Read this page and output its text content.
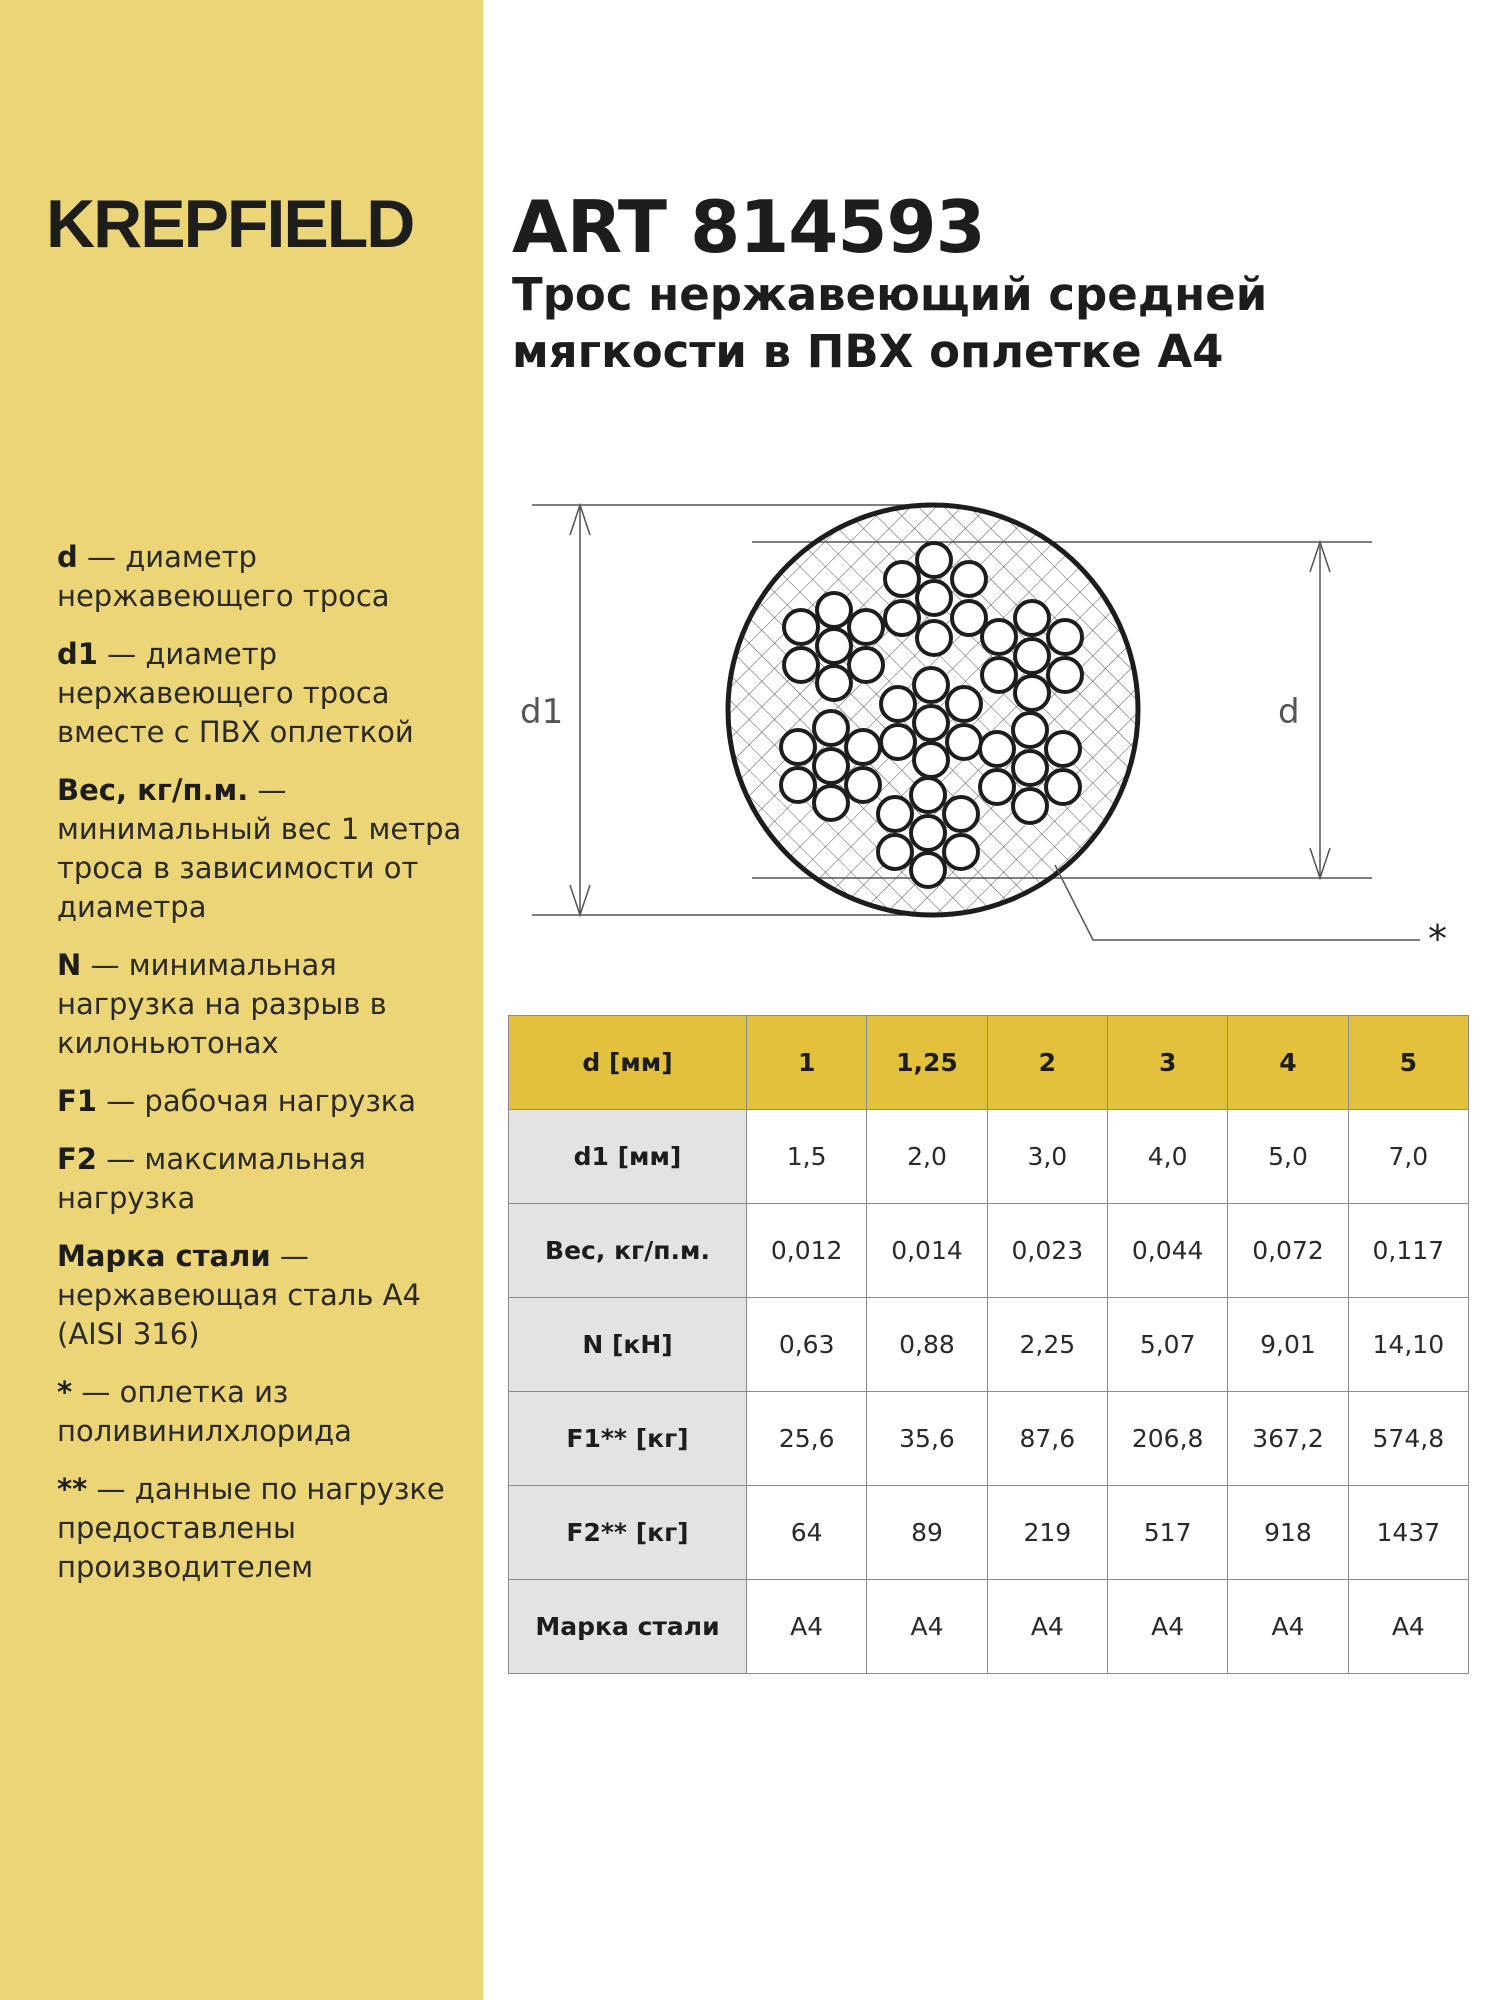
KREPFIELD
d — диаметр нержавеющего троса
d1 — диаметр нержавеющего троса вместе с ПВХ оплеткой
Вес, кг/п.м. — минимальный вес 1 метра троса в зависимости от диаметра
N — минимальная нагрузка на разрыв в килоньютонах
F1 — рабочая нагрузка
F2 — максимальная нагрузка
Марка стали — нержавеющая сталь А4 (AISI 316)
* — оплетка из поливинилхлорида
** — данные по нагрузке предоставлены производителем
ART 814593
Трос нержавеющий средней
мягкости в ПВХ оплетке А4
d1	d
*
d [мм]	1	1,25	2	3	4	5
d1 [мм]	1,5	2,0	3,0	4,0	5,0	7,0
Вес, кг/п.м.	0,012	0,014	0,023	0,044	0,072	0,117
N [кН]	0,63	0,88	2,25	5,07	9,01	14,10
F1** [кг]	25,6	35,6	87,6	206,8	367,2	574,8
F2** [кг]	64	89	219	517	918	1437
Марка стали	А4	А4	А4	А4	А4	А4
